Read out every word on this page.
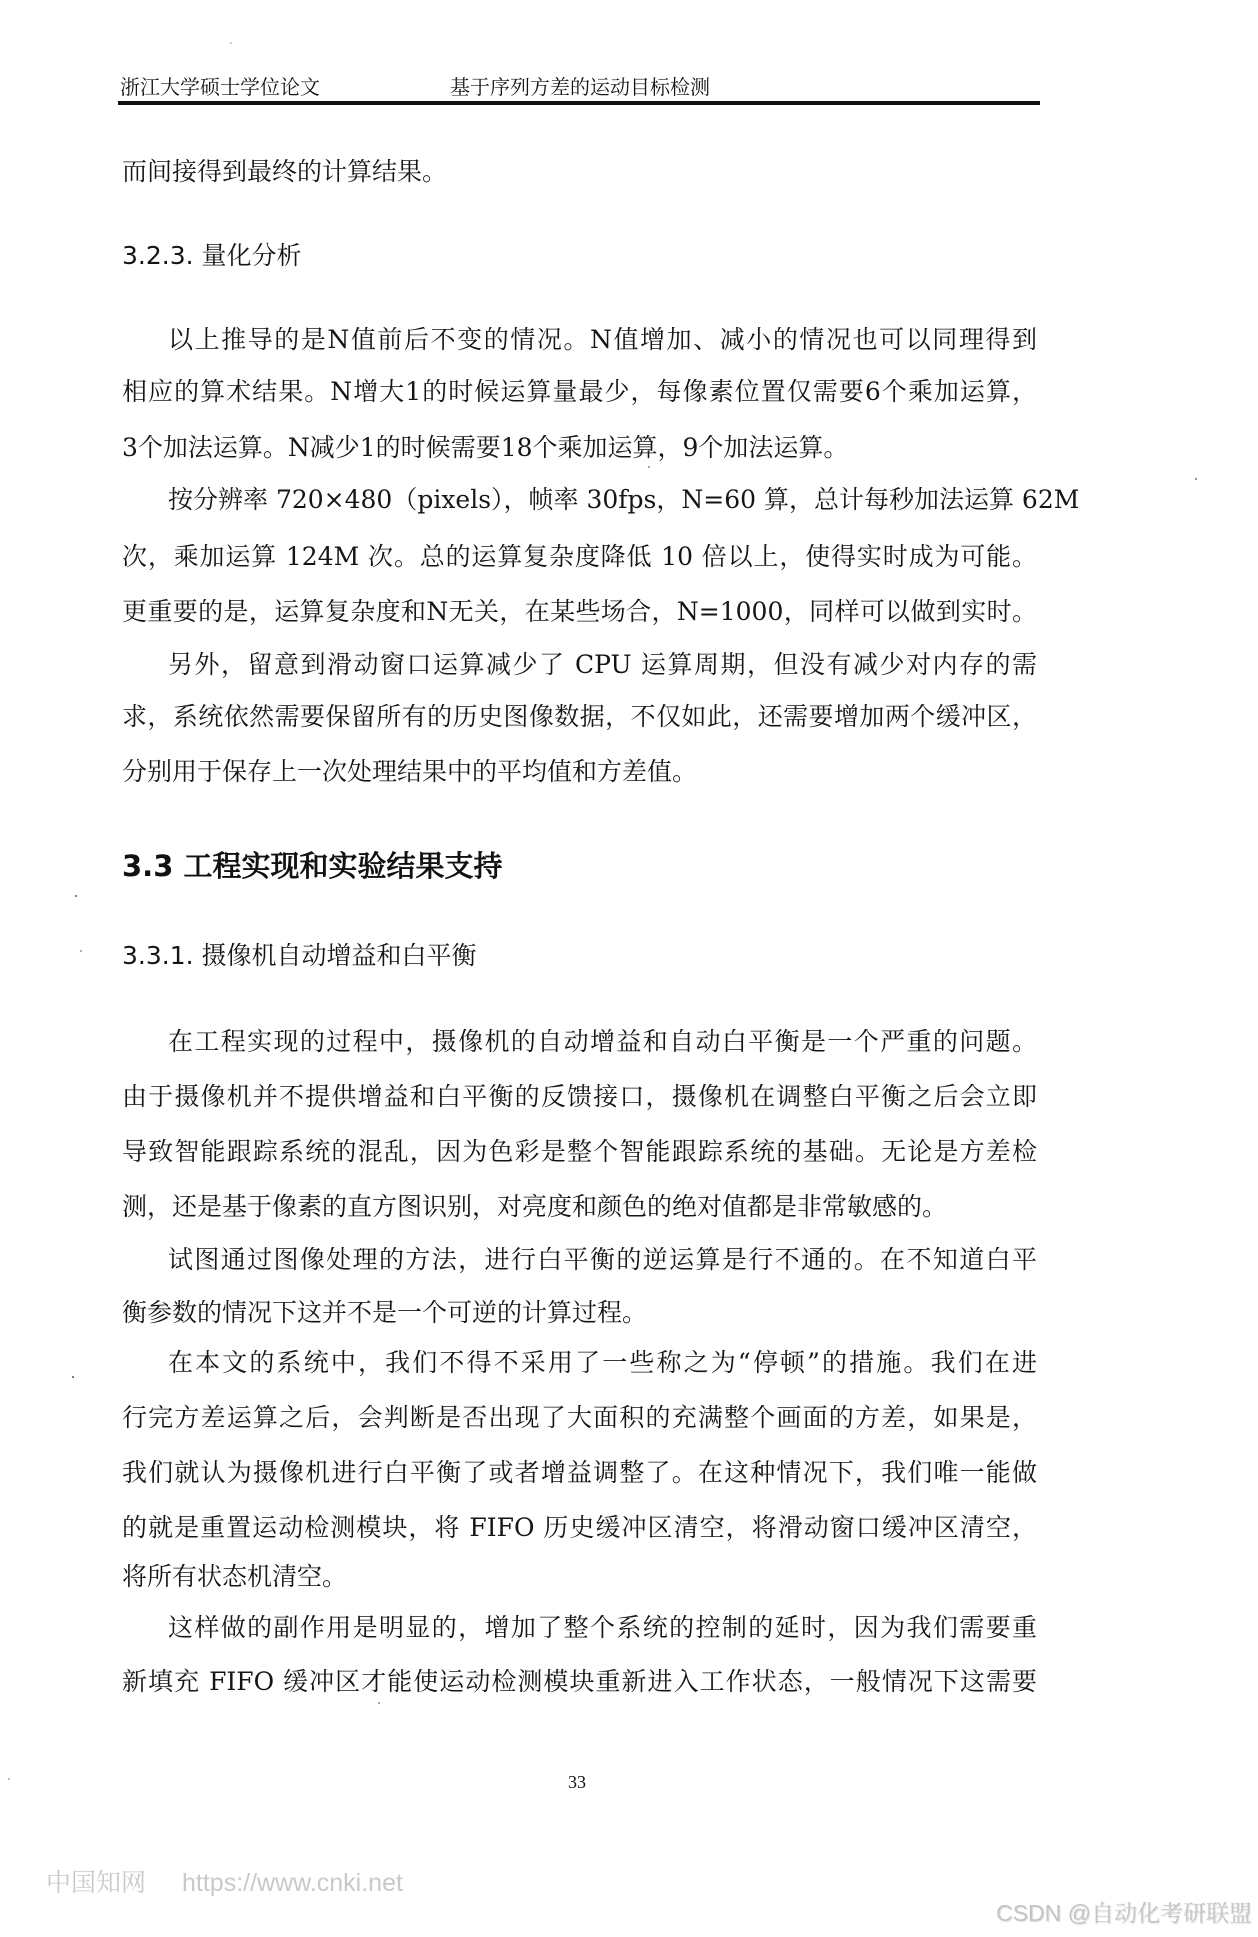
浙江大学硕士学位论文	基于序列方差的运动目标检测
而间接得到最终的计算结果。
3.2.3. 量化分析
以上推导的是N值前后不变的情况。N值增加、减小的情况也可以同理得到
相应的算术结果。N增大1的时候运算量最少，每像素位置仅需要6个乘加运算，
3个加法运算。N减少1的时候需要18个乘加运算，9个加法运算。
按分辨率 720×480（pixels），帧率 30fps，N=60 算，总计每秒加法运算 62M
次，乘加运算 124M 次。总的运算复杂度降低 10 倍以上，使得实时成为可能。
更重要的是，运算复杂度和N无关，在某些场合，N=1000，同样可以做到实时。
另外，留意到滑动窗口运算减少了 CPU 运算周期，但没有减少对内存的需
求，系统依然需要保留所有的历史图像数据，不仅如此，还需要增加两个缓冲区，
分别用于保存上一次处理结果中的平均值和方差值。
3.3 工程实现和实验结果支持
3.3.1. 摄像机自动增益和白平衡
在工程实现的过程中，摄像机的自动增益和自动白平衡是一个严重的问题。
由于摄像机并不提供增益和白平衡的反馈接口，摄像机在调整白平衡之后会立即
导致智能跟踪系统的混乱，因为色彩是整个智能跟踪系统的基础。无论是方差检
测，还是基于像素的直方图识别，对亮度和颜色的绝对值都是非常敏感的。
试图通过图像处理的方法，进行白平衡的逆运算是行不通的。在不知道白平
衡参数的情况下这并不是一个可逆的计算过程。
在本文的系统中，我们不得不采用了一些称之为“停顿”的措施。我们在进
行完方差运算之后，会判断是否出现了大面积的充满整个画面的方差，如果是，
我们就认为摄像机进行白平衡了或者增益调整了。在这种情况下，我们唯一能做
的就是重置运动检测模块，将 FIFO 历史缓冲区清空，将滑动窗口缓冲区清空，
将所有状态机清空。
这样做的副作用是明显的，增加了整个系统的控制的延时，因为我们需要重
新填充 FIFO 缓冲区才能使运动检测模块重新进入工作状态，一般情况下这需要
33
中国知网 https://www.cnki.net
CSDN @自动化考研联盟
